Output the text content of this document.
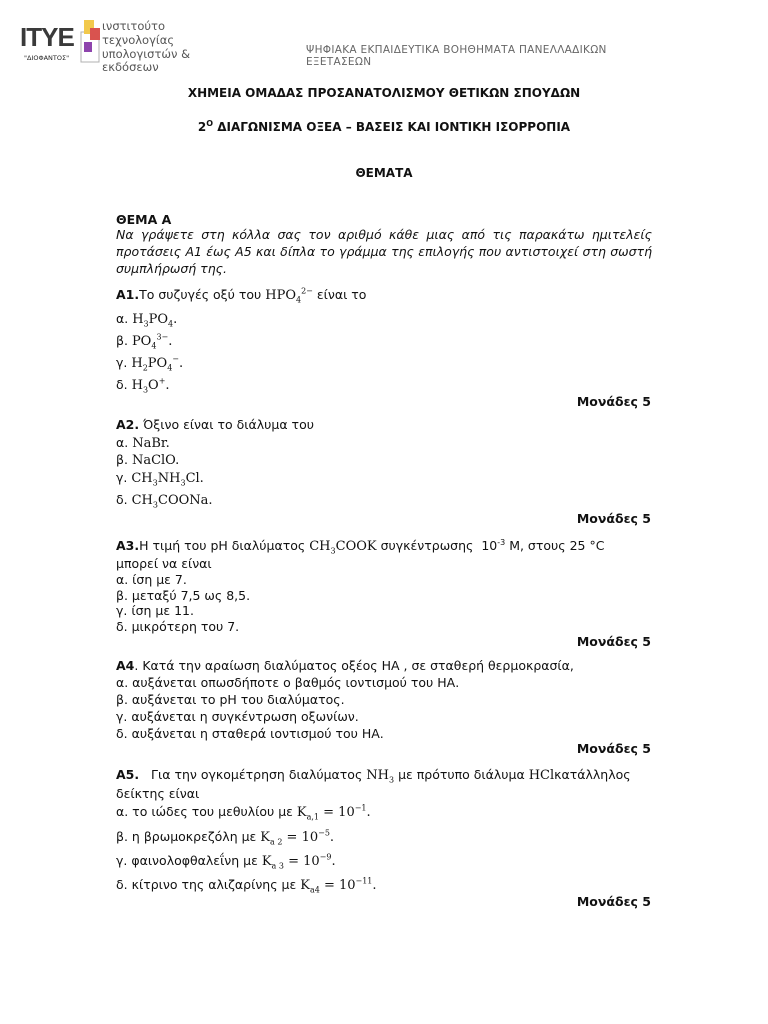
ITYE
"ΔΙΟΦΑΝΤΟΣ"
ινστιτούτο
τεχνολογίας
υπολογιστών & εκδόσεων
ΨΗΦΙΑΚΑ ΕΚΠΑΙΔΕΥΤΙΚΑ ΒΟΗΘΗΜΑΤΑ ΠΑΝΕΛΛΑΔΙΚΩΝ ΕΞΕΤΑΣΕΩΝ
ΧΗΜΕΙΑ ΟΜΑΔΑΣ ΠΡΟΣΑΝΑΤΟΛΙΣΜΟΥ ΘΕΤΙΚΩΝ ΣΠΟΥΔΩΝ
$2^O$ ΔΙΑΓΩΝΙΣΜΑ ΟΞΕΑ – ΒΑΣΕΙΣ ΚΑΙ ΙΟΝΤΙΚΗ ΙΣΟΡΡΟΠΙΑ
ΘΕΜΑΤΑ
ΘΕΜΑ Α
Να γράψετε στη κόλλα σας τον αριθμό κάθε μιας από τις παρακάτω ημιτελείς προτάσεις Α1 έως Α5 και δίπλα το γράμμα της επιλογής που αντιστοιχεί στη σωστή συμπλήρωσή της.
Α1.Το συζυγές οξύ του $HPO_4^{2-}$ είναι το
α. $H_3PO_4$.
β. $PO_4^{3-}$.
γ. $H_2PO_4^-$.
δ. $H_3O^+$.
Μονάδες 5
Α2. Όξινο είναι το διάλυμα του
α. NaBr.
β. NaClO.
γ. $CH_3NH_3Cl$.
δ. $CH_3COONa$.
Μονάδες 5
Α3.Η τιμή του pH διαλύματος $CH_3COOK$ συγκέντρωσης $10^{-3}$ Μ, στους 25 °C
μπορεί να είναι
α. ίση με 7.
β. μεταξύ 7,5 ως 8,5.
γ. ίση με 11.
δ. μικρότερη του 7.
Μονάδες 5
Α4. Κατά την αραίωση διαλύματος οξέος ΗΑ , σε σταθερή θερμοκρασία,
α. αυξάνεται οπωσδήποτε ο βαθμός ιοντισμού του ΗΑ.
β. αυξάνεται το pH του διαλύματος.
γ. αυξάνεται η συγκέντρωση οξωνίων.
δ. αυξάνεται η σταθερά ιοντισμού του ΗΑ.
Μονάδες 5
Α5. Για την ογκομέτρηση διαλύματος $NH_3$ με πρότυπο διάλυμα HClκατάλληλος
δείκτης είναι
α. το ιώδες του μεθυλίου με $K_{a,1} = 10^{-1}$.
β. η βρωμοκρεζόλη με $K_{a 2} = 10^{-5}$.
γ. φαινολοφθαλεΐνη με $K_{a 3} = 10^{-9}$.
δ. κίτρινο της αλιζαρίνης με $K_{a4} = 10^{-11}$.
Μονάδες 5
